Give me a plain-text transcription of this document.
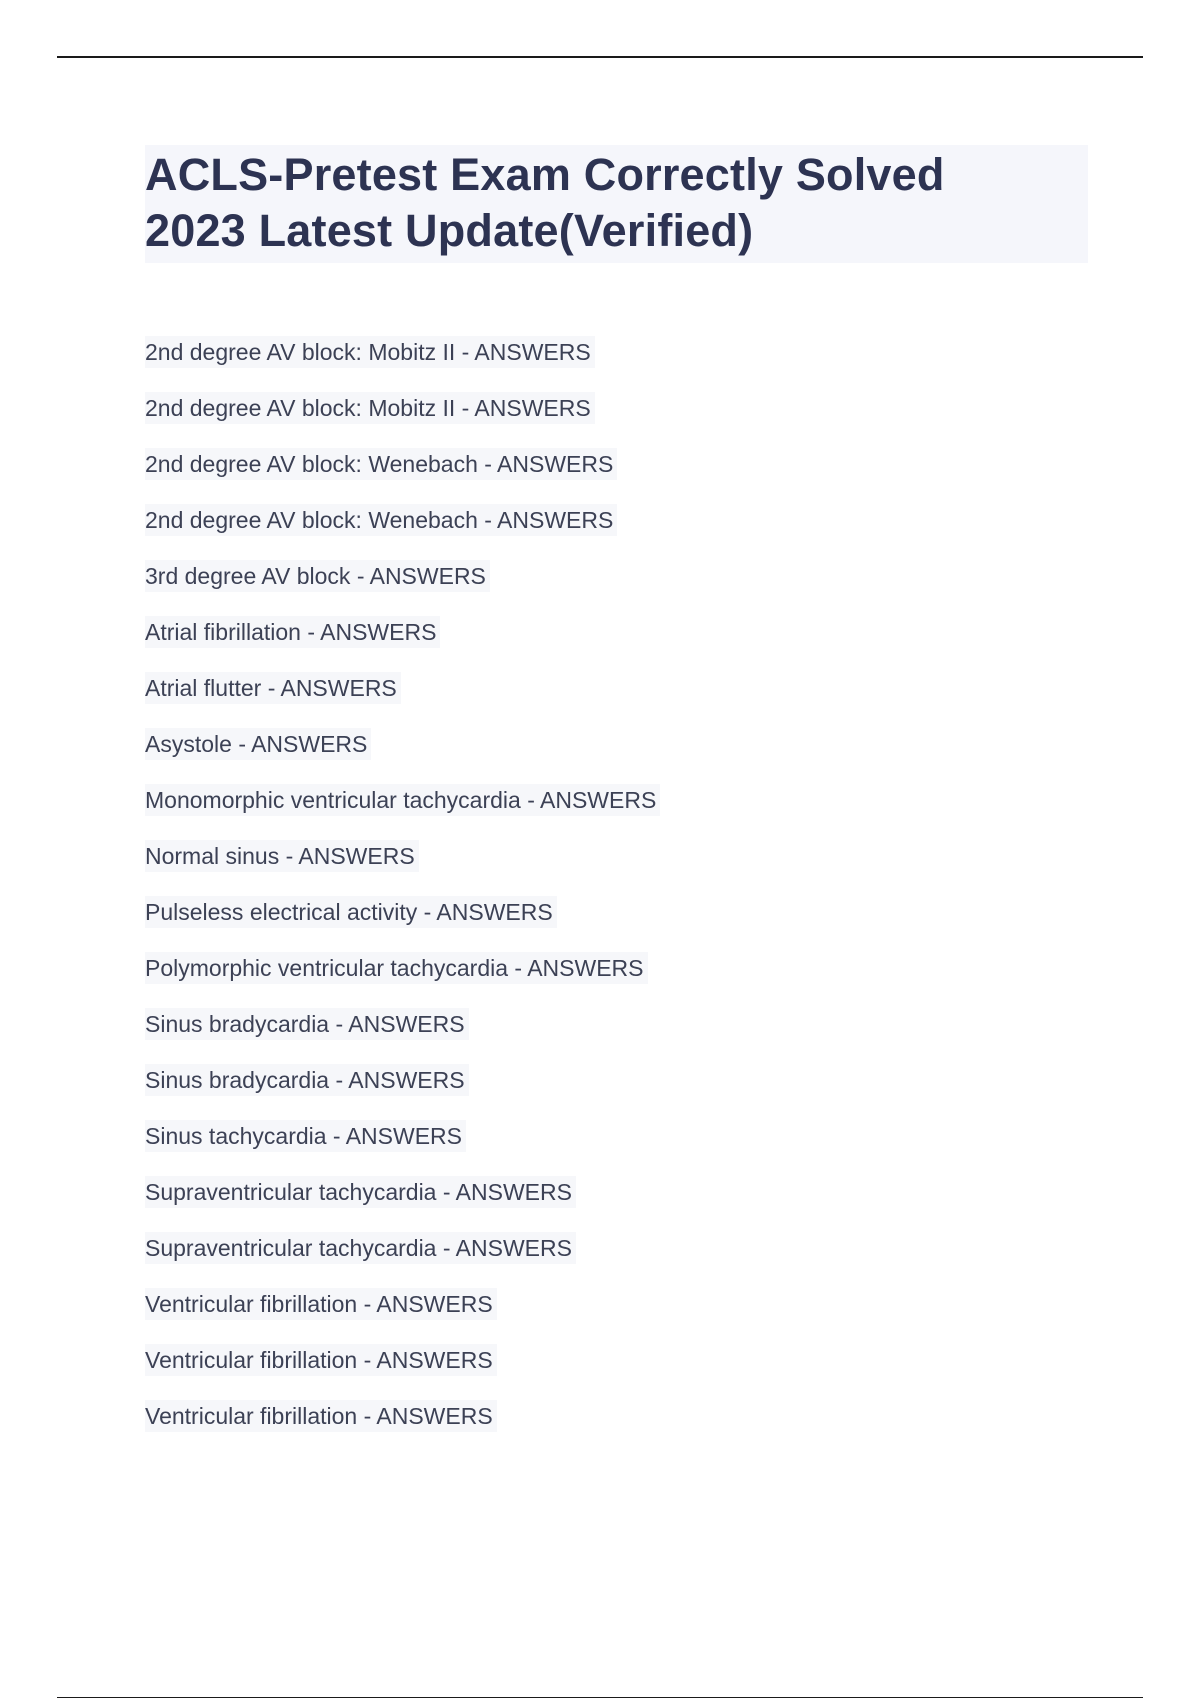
ACLS-Pretest Exam Correctly Solved
2023 Latest Update(Verified)
2nd degree AV block: Mobitz II - ANSWERS
2nd degree AV block: Mobitz II - ANSWERS
2nd degree AV block: Wenebach - ANSWERS
2nd degree AV block: Wenebach - ANSWERS
3rd degree AV block - ANSWERS
Atrial fibrillation - ANSWERS
Atrial flutter - ANSWERS
Asystole - ANSWERS
Monomorphic ventricular tachycardia - ANSWERS
Normal sinus - ANSWERS
Pulseless electrical activity - ANSWERS
Polymorphic ventricular tachycardia - ANSWERS
Sinus bradycardia - ANSWERS
Sinus bradycardia - ANSWERS
Sinus tachycardia - ANSWERS
Supraventricular tachycardia - ANSWERS
Supraventricular tachycardia - ANSWERS
Ventricular fibrillation - ANSWERS
Ventricular fibrillation - ANSWERS
Ventricular fibrillation - ANSWERS
